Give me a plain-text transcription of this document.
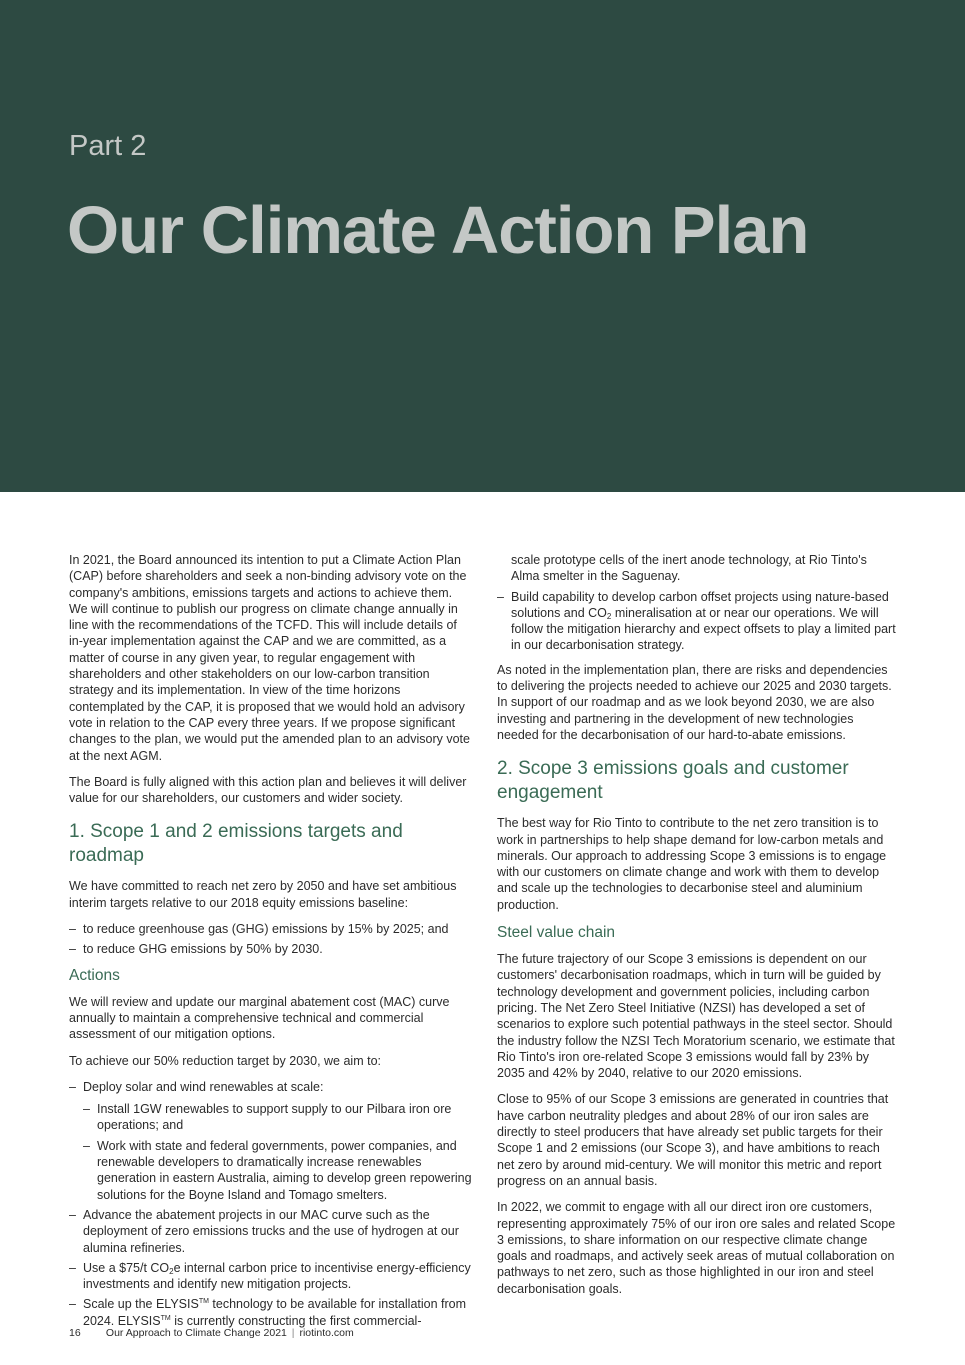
Part 2
Our Climate Action Plan

In 2021, the Board announced its intention to put a Climate Action Plan (CAP) before shareholders and seek a non-binding advisory vote on the company's ambitions, emissions targets and actions to achieve them. We will continue to publish our progress on climate change annually in line with the recommendations of the TCFD. This will include details of in-year implementation against the CAP and we are committed, as a matter of course in any given year, to regular engagement with shareholders and other stakeholders on our low-carbon transition strategy and its implementation. In view of the time horizons contemplated by the CAP, it is proposed that we would hold an advisory vote in relation to the CAP every three years. If we propose significant changes to the plan, we would put the amended plan to an advisory vote at the next AGM.

The Board is fully aligned with this action plan and believes it will deliver value for our shareholders, our customers and wider society.

1. Scope 1 and 2 emissions targets and roadmap

We have committed to reach net zero by 2050 and have set ambitious interim targets relative to our 2018 equity emissions baseline:

– to reduce greenhouse gas (GHG) emissions by 15% by 2025; and
– to reduce GHG emissions by 50% by 2030.
Actions

We will review and update our marginal abatement cost (MAC) curve annually to maintain a comprehensive technical and commercial assessment of our mitigation options.

To achieve our 50% reduction target by 2030, we aim to:

– Deploy solar and wind renewables at scale:
– Install 1GW renewables to support supply to our Pilbara iron ore operations; and
– Work with state and federal governments, power companies, and renewable developers to dramatically increase renewables generation in eastern Australia, aiming to develop green repowering solutions for the Boyne Island and Tomago smelters.
– Advance the abatement projects in our MAC curve such as the deployment of zero emissions trucks and the use of hydrogen at our alumina refineries.
– Use a $75/t $CO_2e$ internal carbon price to incentivise energy-efficiency investments and identify new mitigation projects.
– Scale up the ELYSIS™ technology to be available for installation from 2024. ELYSIS™ is currently constructing the first commercial-

scale prototype cells of the inert anode technology, at Rio Tinto's Alma smelter in the Saguenay.

– Build capability to develop carbon offset projects using nature-based solutions and $CO_2$ mineralisation at or near our operations. We will follow the mitigation hierarchy and expect offsets to play a limited part in our decarbonisation strategy.

As noted in the implementation plan, there are risks and dependencies to delivering the projects needed to achieve our 2025 and 2030 targets. In support of our roadmap and as we look beyond 2030, we are also investing and partnering in the development of new technologies needed for the decarbonisation of our hard-to-abate emissions.

2. Scope 3 emissions goals and customer engagement

The best way for Rio Tinto to contribute to the net zero transition is to work in partnerships to help shape demand for low-carbon metals and minerals. Our approach to addressing Scope 3 emissions is to engage with our customers on climate change and work with them to develop and scale up the technologies to decarbonise steel and aluminium production.

Steel value chain

The future trajectory of our Scope 3 emissions is dependent on our customers' decarbonisation roadmaps, which in turn will be guided by technology development and government policies, including carbon pricing. The Net Zero Steel Initiative (NZSI) has developed a set of scenarios to explore such potential pathways in the steel sector. Should the industry follow the NZSI Tech Moratorium scenario, we estimate that Rio Tinto's iron ore-related Scope 3 emissions would fall by 23% by 2035 and 42% by 2040, relative to our 2020 emissions.

Close to 95% of our Scope 3 emissions are generated in countries that have carbon neutrality pledges and about 28% of our iron sales are directly to steel producers that have already set public targets for their Scope 1 and 2 emissions (our Scope 3), and have ambitions to reach net zero by around mid-century. We will monitor this metric and report progress on an annual basis.

In 2022, we commit to engage with all our direct iron ore customers, representing approximately 75% of our iron ore sales and related Scope 3 emissions, to share information on our respective climate change goals and roadmaps, and actively seek areas of mutual collaboration on pathways to net zero, such as those highlighted in our iron and steel decarbonisation goals.

16 Our Approach to Climate Change 2021 | riotinto.com
